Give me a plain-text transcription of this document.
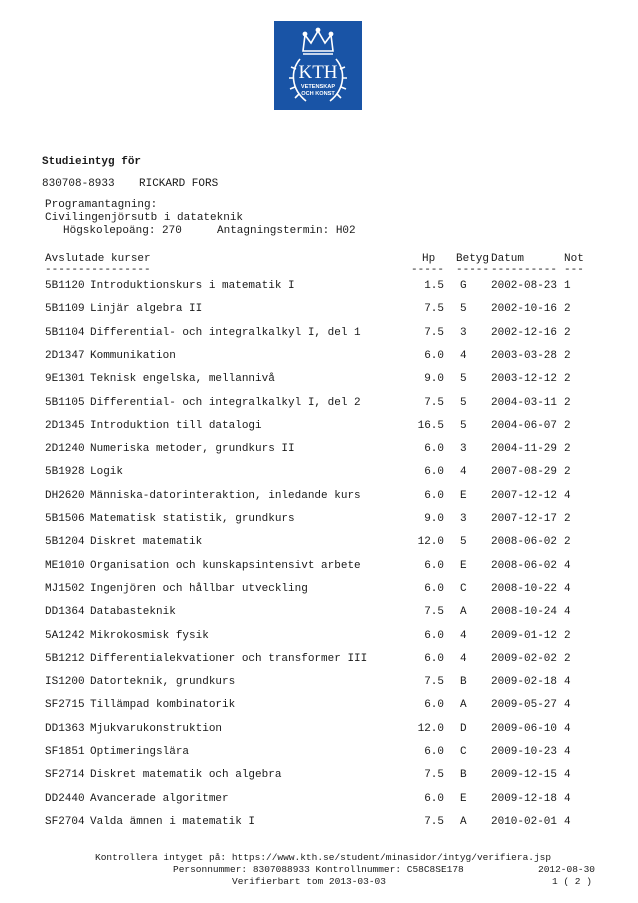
KTH
VETENSKAP
OCH KONST
Studieintyg för
830708-8933 RICKARD FORS
Programantagning:
Civilingenjörsutb i datateknik
Högskolepoäng: 270	Antagningstermin: H02
Avslutade kurser	Hp Betyg Datum	Not
----------------	----- ----- ---------- ---
5B1120 Introduktionskurs i matematik I	1.5 G 2002-08-23 1
5B1109 Linjär algebra II	7.5 5 2002-10-16 2
5B1104 Differential- och integralkalkyl I, del 1	7.5 3 2002-12-16 2
2D1347 Kommunikation	6.0 4 2003-03-28 2
9E1301 Teknisk engelska, mellannivå	9.0 5 2003-12-12 2
5B1105 Differential- och integralkalkyl I, del 2	7.5 5 2004-03-11 2
2D1345 Introduktion till datalogi	16.5 5 2004-06-07 2
2D1240 Numeriska metoder, grundkurs II	6.0 3 2004-11-29 2
5B1928 Logik	6.0 4 2007-08-29 2
DH2620 Människa-datorinteraktion, inledande kurs	6.0 E 2007-12-12 4
5B1506 Matematisk statistik, grundkurs	9.0 3 2007-12-17 2
5B1204 Diskret matematik	12.0 5 2008-06-02 2
ME1010 Organisation och kunskapsintensivt arbete	6.0 E 2008-06-02 4
MJ1502 Ingenjören och hållbar utveckling	6.0 C 2008-10-22 4
DD1364 Databasteknik	7.5 A 2008-10-24 4
5A1242 Mikrokosmisk fysik	6.0 4 2009-01-12 2
5B1212 Differentialekvationer och transformer III	6.0 4 2009-02-02 2
IS1200 Datorteknik, grundkurs	7.5 B 2009-02-18 4
SF2715 Tillämpad kombinatorik	6.0 A 2009-05-27 4
DD1363 Mjukvarukonstruktion	12.0 D 2009-06-10 4
SF1851 Optimeringslära	6.0 C 2009-10-23 4
SF2714 Diskret matematik och algebra	7.5 B 2009-12-15 4
DD2440 Avancerade algoritmer	6.0 E 2009-12-18 4
SF2704 Valda ämnen i matematik I	7.5 A 2010-02-01 4
Kontrollera intyget på: https://www.kth.se/student/minasidor/intyg/verifiera.jsp
Personnummer: 8307088933 Kontrollnummer: C58C8SE178
Verifierbart tom 2013-03-03
2012-08-30
1 ( 2 )
